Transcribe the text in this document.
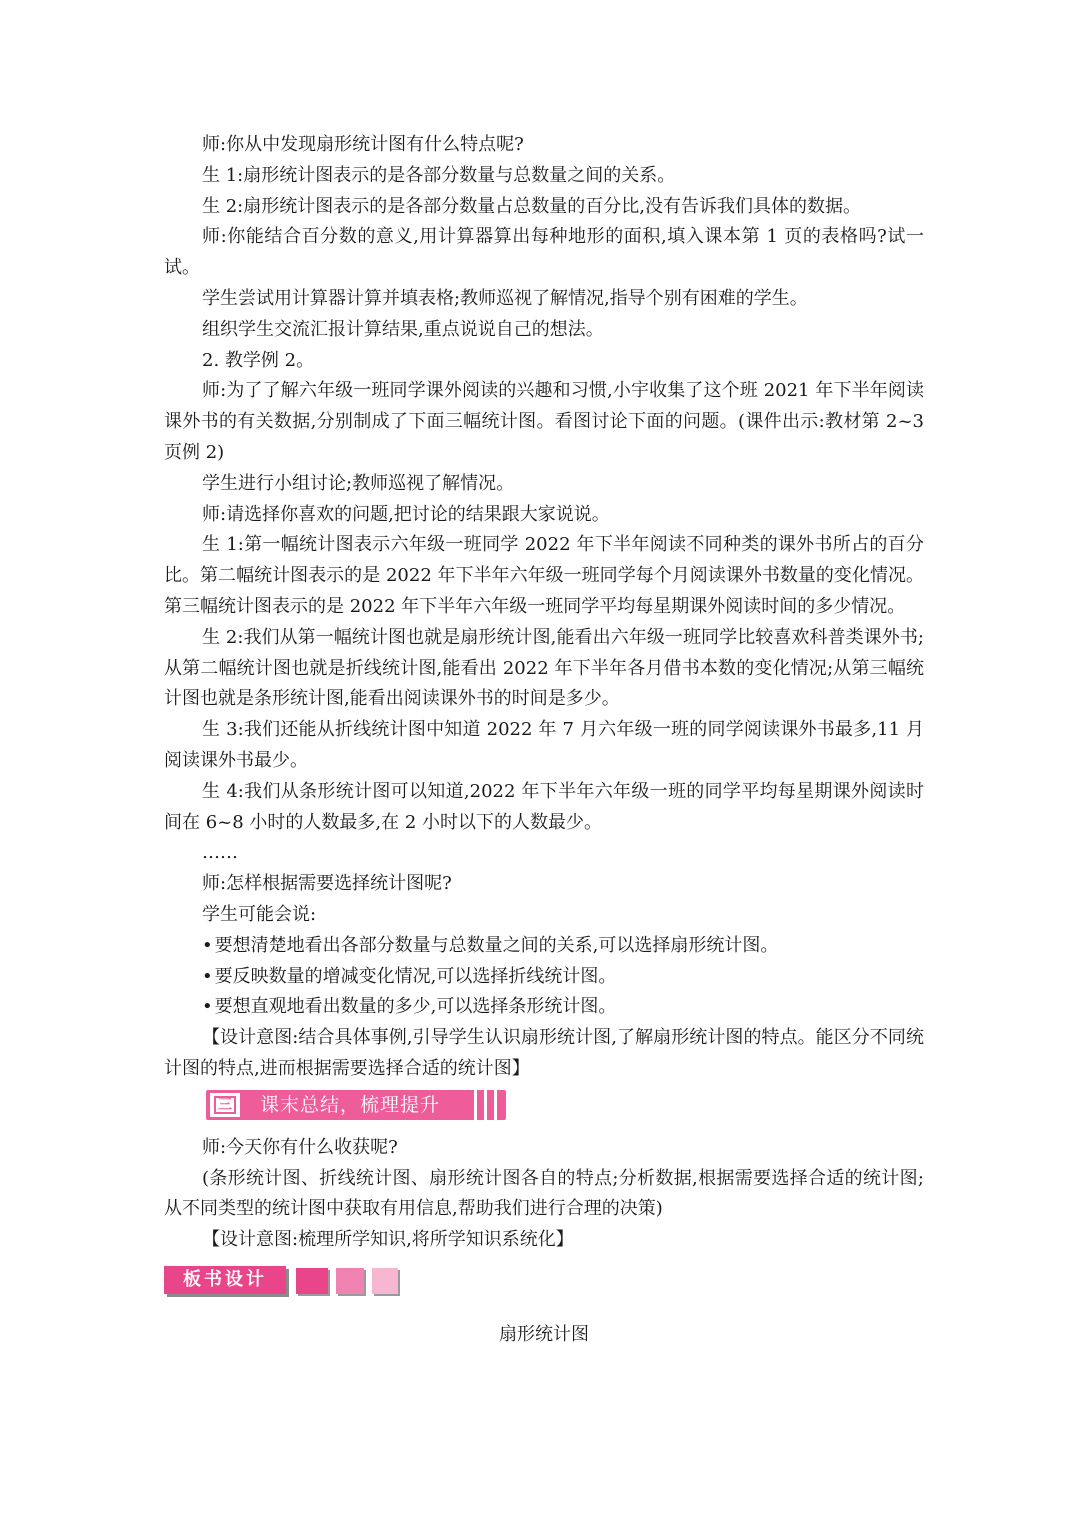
师:你从中发现扇形统计图有什么特点呢?

生 1:扇形统计图表示的是各部分数量与总数量之间的关系。

生 2:扇形统计图表示的是各部分数量占总数量的百分比,没有告诉我们具体的数据。

师:你能结合百分数的意义,用计算器算出每种地形的面积,填入课本第 1 页的表格吗?试一试。

学生尝试用计算器计算并填表格;教师巡视了解情况,指导个别有困难的学生。

组织学生交流汇报计算结果,重点说说自己的想法。

2. 教学例 2。

师:为了了解六年级一班同学课外阅读的兴趣和习惯,小宇收集了这个班 2021 年下半年阅读课外书的有关数据,分别制成了下面三幅统计图。看图讨论下面的问题。(课件出示:教材第 2~3 页例 2)

学生进行小组讨论;教师巡视了解情况。

师:请选择你喜欢的问题,把讨论的结果跟大家说说。

生 1:第一幅统计图表示六年级一班同学 2022 年下半年阅读不同种类的课外书所占的百分比。第二幅统计图表示的是 2022 年下半年六年级一班同学每个月阅读课外书数量的变化情况。第三幅统计图表示的是 2022 年下半年六年级一班同学平均每星期课外阅读时间的多少情况。

生 2:我们从第一幅统计图也就是扇形统计图,能看出六年级一班同学比较喜欢科普类课外书;从第二幅统计图也就是折线统计图,能看出 2022 年下半年各月借书本数的变化情况;从第三幅统计图也就是条形统计图,能看出阅读课外书的时间是多少。

生 3:我们还能从折线统计图中知道 2022 年 7 月六年级一班的同学阅读课外书最多,11 月阅读课外书最少。

生 4:我们从条形统计图可以知道,2022 年下半年六年级一班的同学平均每星期课外阅读时间在 6~8 小时的人数最多,在 2 小时以下的人数最少。

……

师:怎样根据需要选择统计图呢?

学生可能会说:

• 要想清楚地看出各部分数量与总数量之间的关系,可以选择扇形统计图。

• 要反映数量的增减变化情况,可以选择折线统计图。

• 要想直观地看出数量的多少,可以选择条形统计图。

【设计意图:结合具体事例,引导学生认识扇形统计图,了解扇形统计图的特点。能区分不同统计图的特点,进而根据需要选择合适的统计图】

三 课末总结，梳理提升

师:今天你有什么收获呢?

(条形统计图、折线统计图、扇形统计图各自的特点;分析数据,根据需要选择合适的统计图;从不同类型的统计图中获取有用信息,帮助我们进行合理的决策)

【设计意图:梳理所学知识,将所学知识系统化】

板书设计

扇形统计图
